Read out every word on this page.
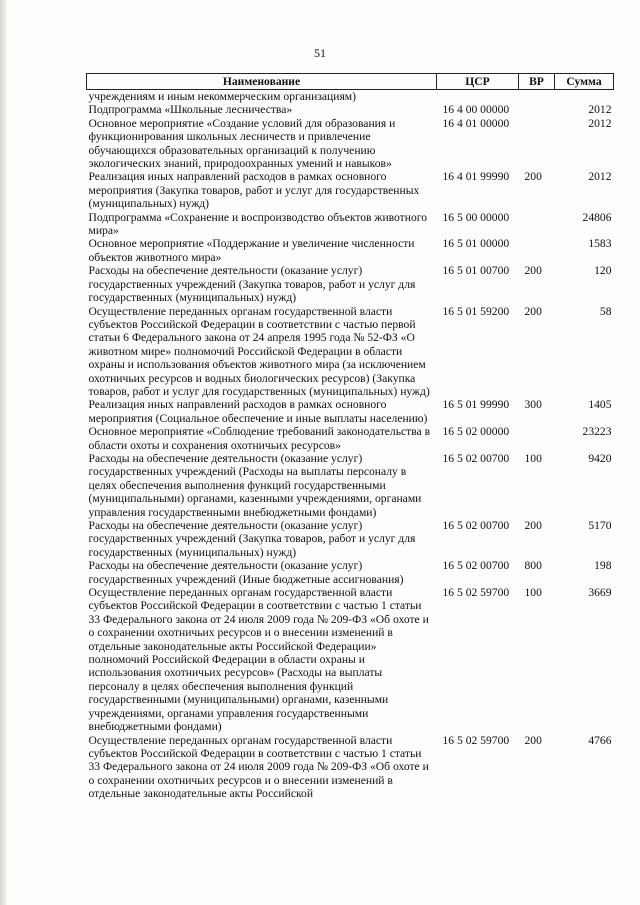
51
Наименование	ЦСР	ВР	Сумма
учреждениям и иным некоммерческим организациям)			
Подпрограмма «Школьные лесничества»	16 4 00 00000		2012
Основное мероприятие «Создание условий для образования и функционирования школьных лесничеств и привлечение обучающихся образовательных организаций к получению экологических знаний, природоохранных умений и навыков»	16 4 01 00000		2012
Реализация иных направлений расходов в рамках основного мероприятия (Закупка товаров, работ и услуг для государственных (муниципальных) нужд)	16 4 01 99990	200	2012
Подпрограмма «Сохранение и воспроизводство объектов животного мира»	16 5 00 00000		24806
Основное мероприятие «Поддержание и увеличение численности объектов животного мира»	16 5 01 00000		1583
Расходы на обеспечение деятельности (оказание услуг) государственных учреждений (Закупка товаров, работ и услуг для государственных (муниципальных) нужд)	16 5 01 00700	200	120
Осуществление переданных органам государственной власти субъектов Российской Федерации в соответствии с частью первой статьи 6 Федерального закона от 24 апреля 1995 года № 52-ФЗ «О животном мире» полномочий Российской Федерации в области охраны и использования объектов животного мира (за исключением охотничьих ресурсов и водных биологических ресурсов) (Закупка товаров, работ и услуг для государственных (муниципальных) нужд)	16 5 01 59200	200	58
Реализация иных направлений расходов в рамках основного мероприятия (Социальное обеспечение и иные выплаты населению)	16 5 01 99990	300	1405
Основное мероприятие «Соблюдение требований законодательства в области охоты и сохранения охотничьих ресурсов»	16 5 02 00000		23223
Расходы на обеспечение деятельности (оказание услуг) государственных учреждений (Расходы на выплаты персоналу в целях обеспечения выполнения функций государственными (муниципальными) органами, казенными учреждениями, органами управления государственными внебюджетными фондами)	16 5 02 00700	100	9420
Расходы на обеспечение деятельности (оказание услуг) государственных учреждений (Закупка товаров, работ и услуг для государственных (муниципальных) нужд)	16 5 02 00700	200	5170
Расходы на обеспечение деятельности (оказание услуг) государственных учреждений (Иные бюджетные ассигнования)	16 5 02 00700	800	198
Осуществление переданных органам государственной власти субъектов Российской Федерации в соответствии с частью 1 статьи 33 Федерального закона от 24 июля 2009 года № 209-ФЗ «Об охоте и о сохранении охотничьих ресурсов и о внесении изменений в отдельные законодательные акты Российской Федерации» полномочий Российской Федерации в области охраны и использования охотничьих ресурсов» (Расходы на выплаты персоналу в целях обеспечения выполнения функций государственными (муниципальными) органами, казенными учреждениями, органами управления государственными внебюджетными фондами)	16 5 02 59700	100	3669
Осуществление переданных органам государственной власти субъектов Российской Федерации в соответствии с частью 1 статьи 33 Федерального закона от 24 июля 2009 года № 209-ФЗ «Об охоте и о сохранении охотничьих ресурсов и о внесении изменений в отдельные законодательные акты Российской	16 5 02 59700	200	4766
